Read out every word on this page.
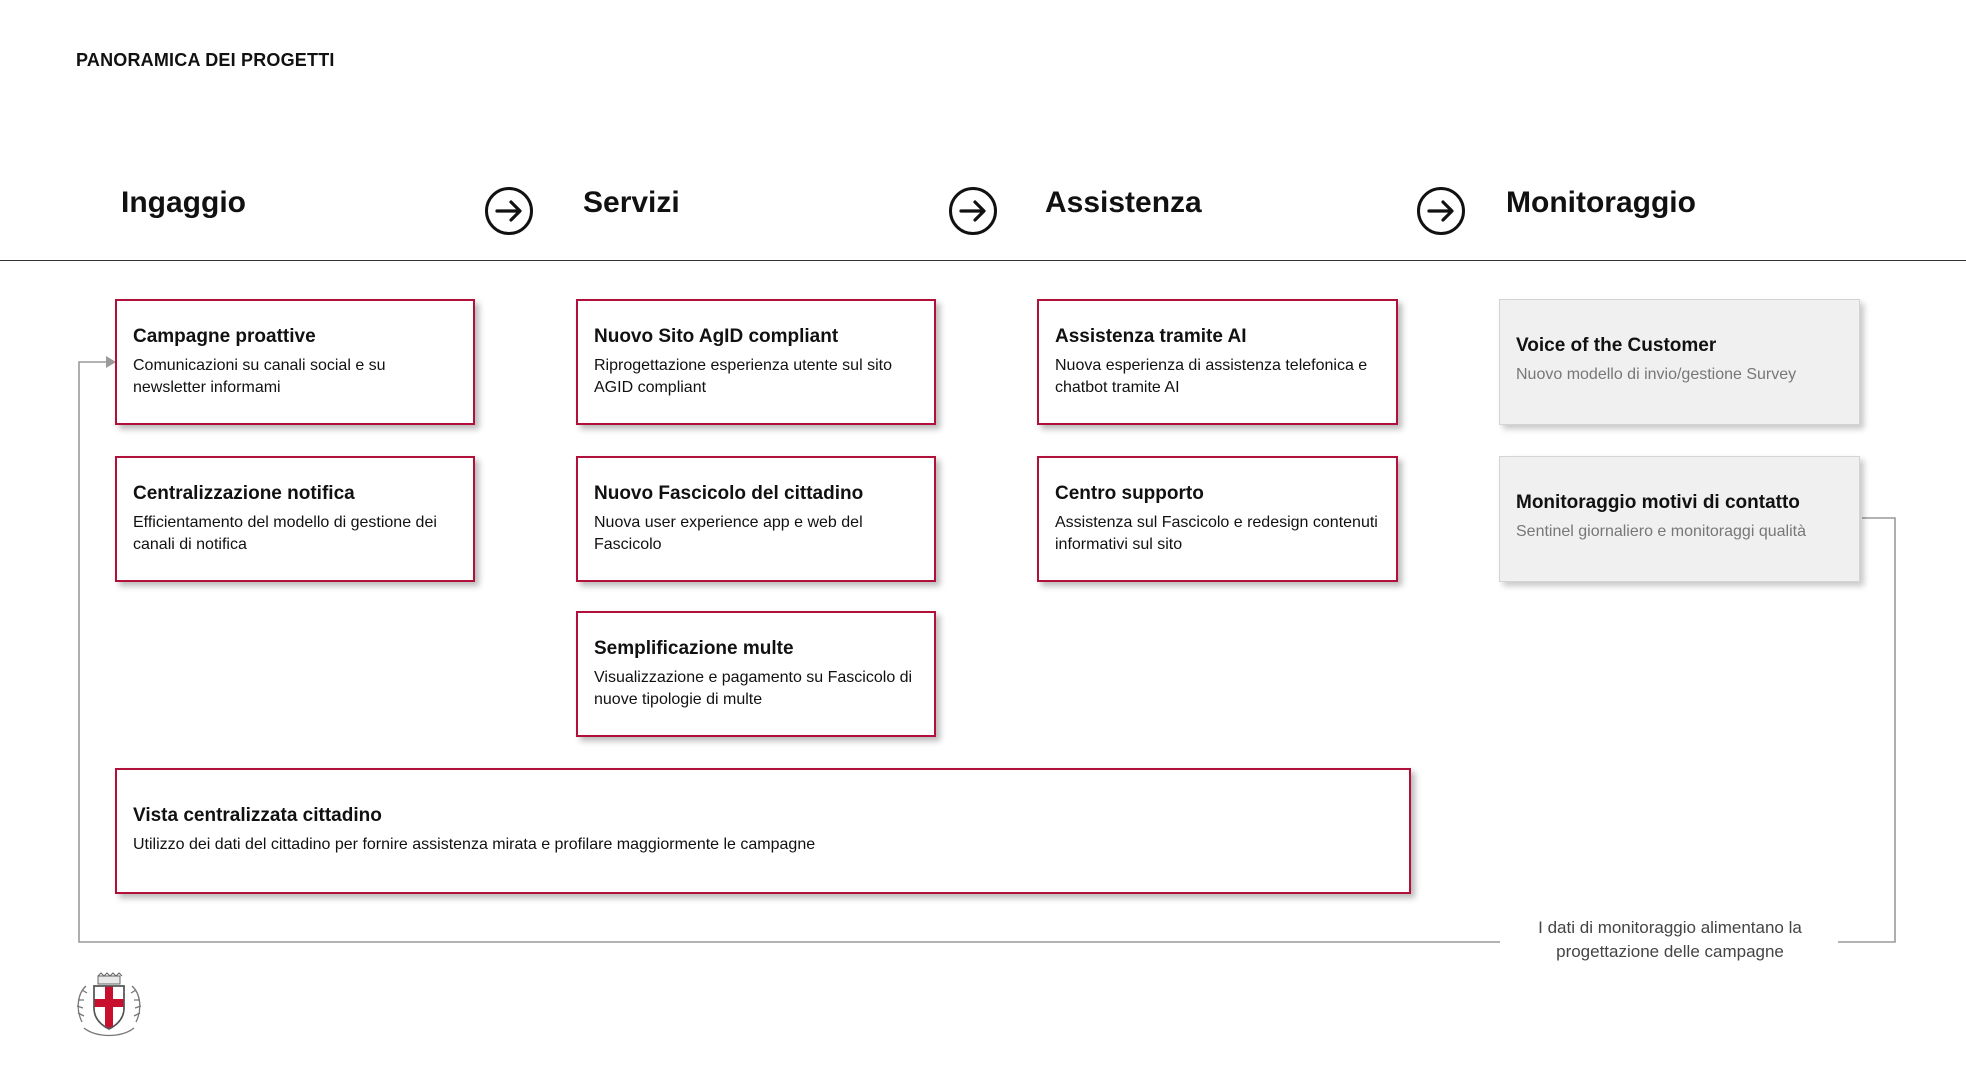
PANORAMICA DEI PROGETTI
Ingaggio	Servizi	Assistenza	Monitoraggio
Campagne proattive
Comunicazioni su canali social e su newsletter informami
Centralizzazione notifica
Efficientamento del modello di gestione dei canali di notifica
Nuovo Sito AgID compliant
Riprogettazione esperienza utente sul sito AGID compliant
Nuovo Fascicolo del cittadino
Nuova user experience app e web del Fascicolo
Semplificazione multe
Visualizzazione e pagamento su Fascicolo di nuove tipologie di multe
Assistenza tramite AI
Nuova esperienza di assistenza telefonica e chatbot tramite AI
Centro supporto
Assistenza sul Fascicolo e redesign contenuti informativi sul sito
Voice of the Customer
Nuovo modello di invio/gestione Survey
Monitoraggio motivi di contatto
Sentinel giornaliero e monitoraggi qualità
Vista centralizzata cittadino
Utilizzo dei dati del cittadino per fornire assistenza mirata e profilare maggiormente le campagne
I dati di monitoraggio alimentano la progettazione delle campagne
